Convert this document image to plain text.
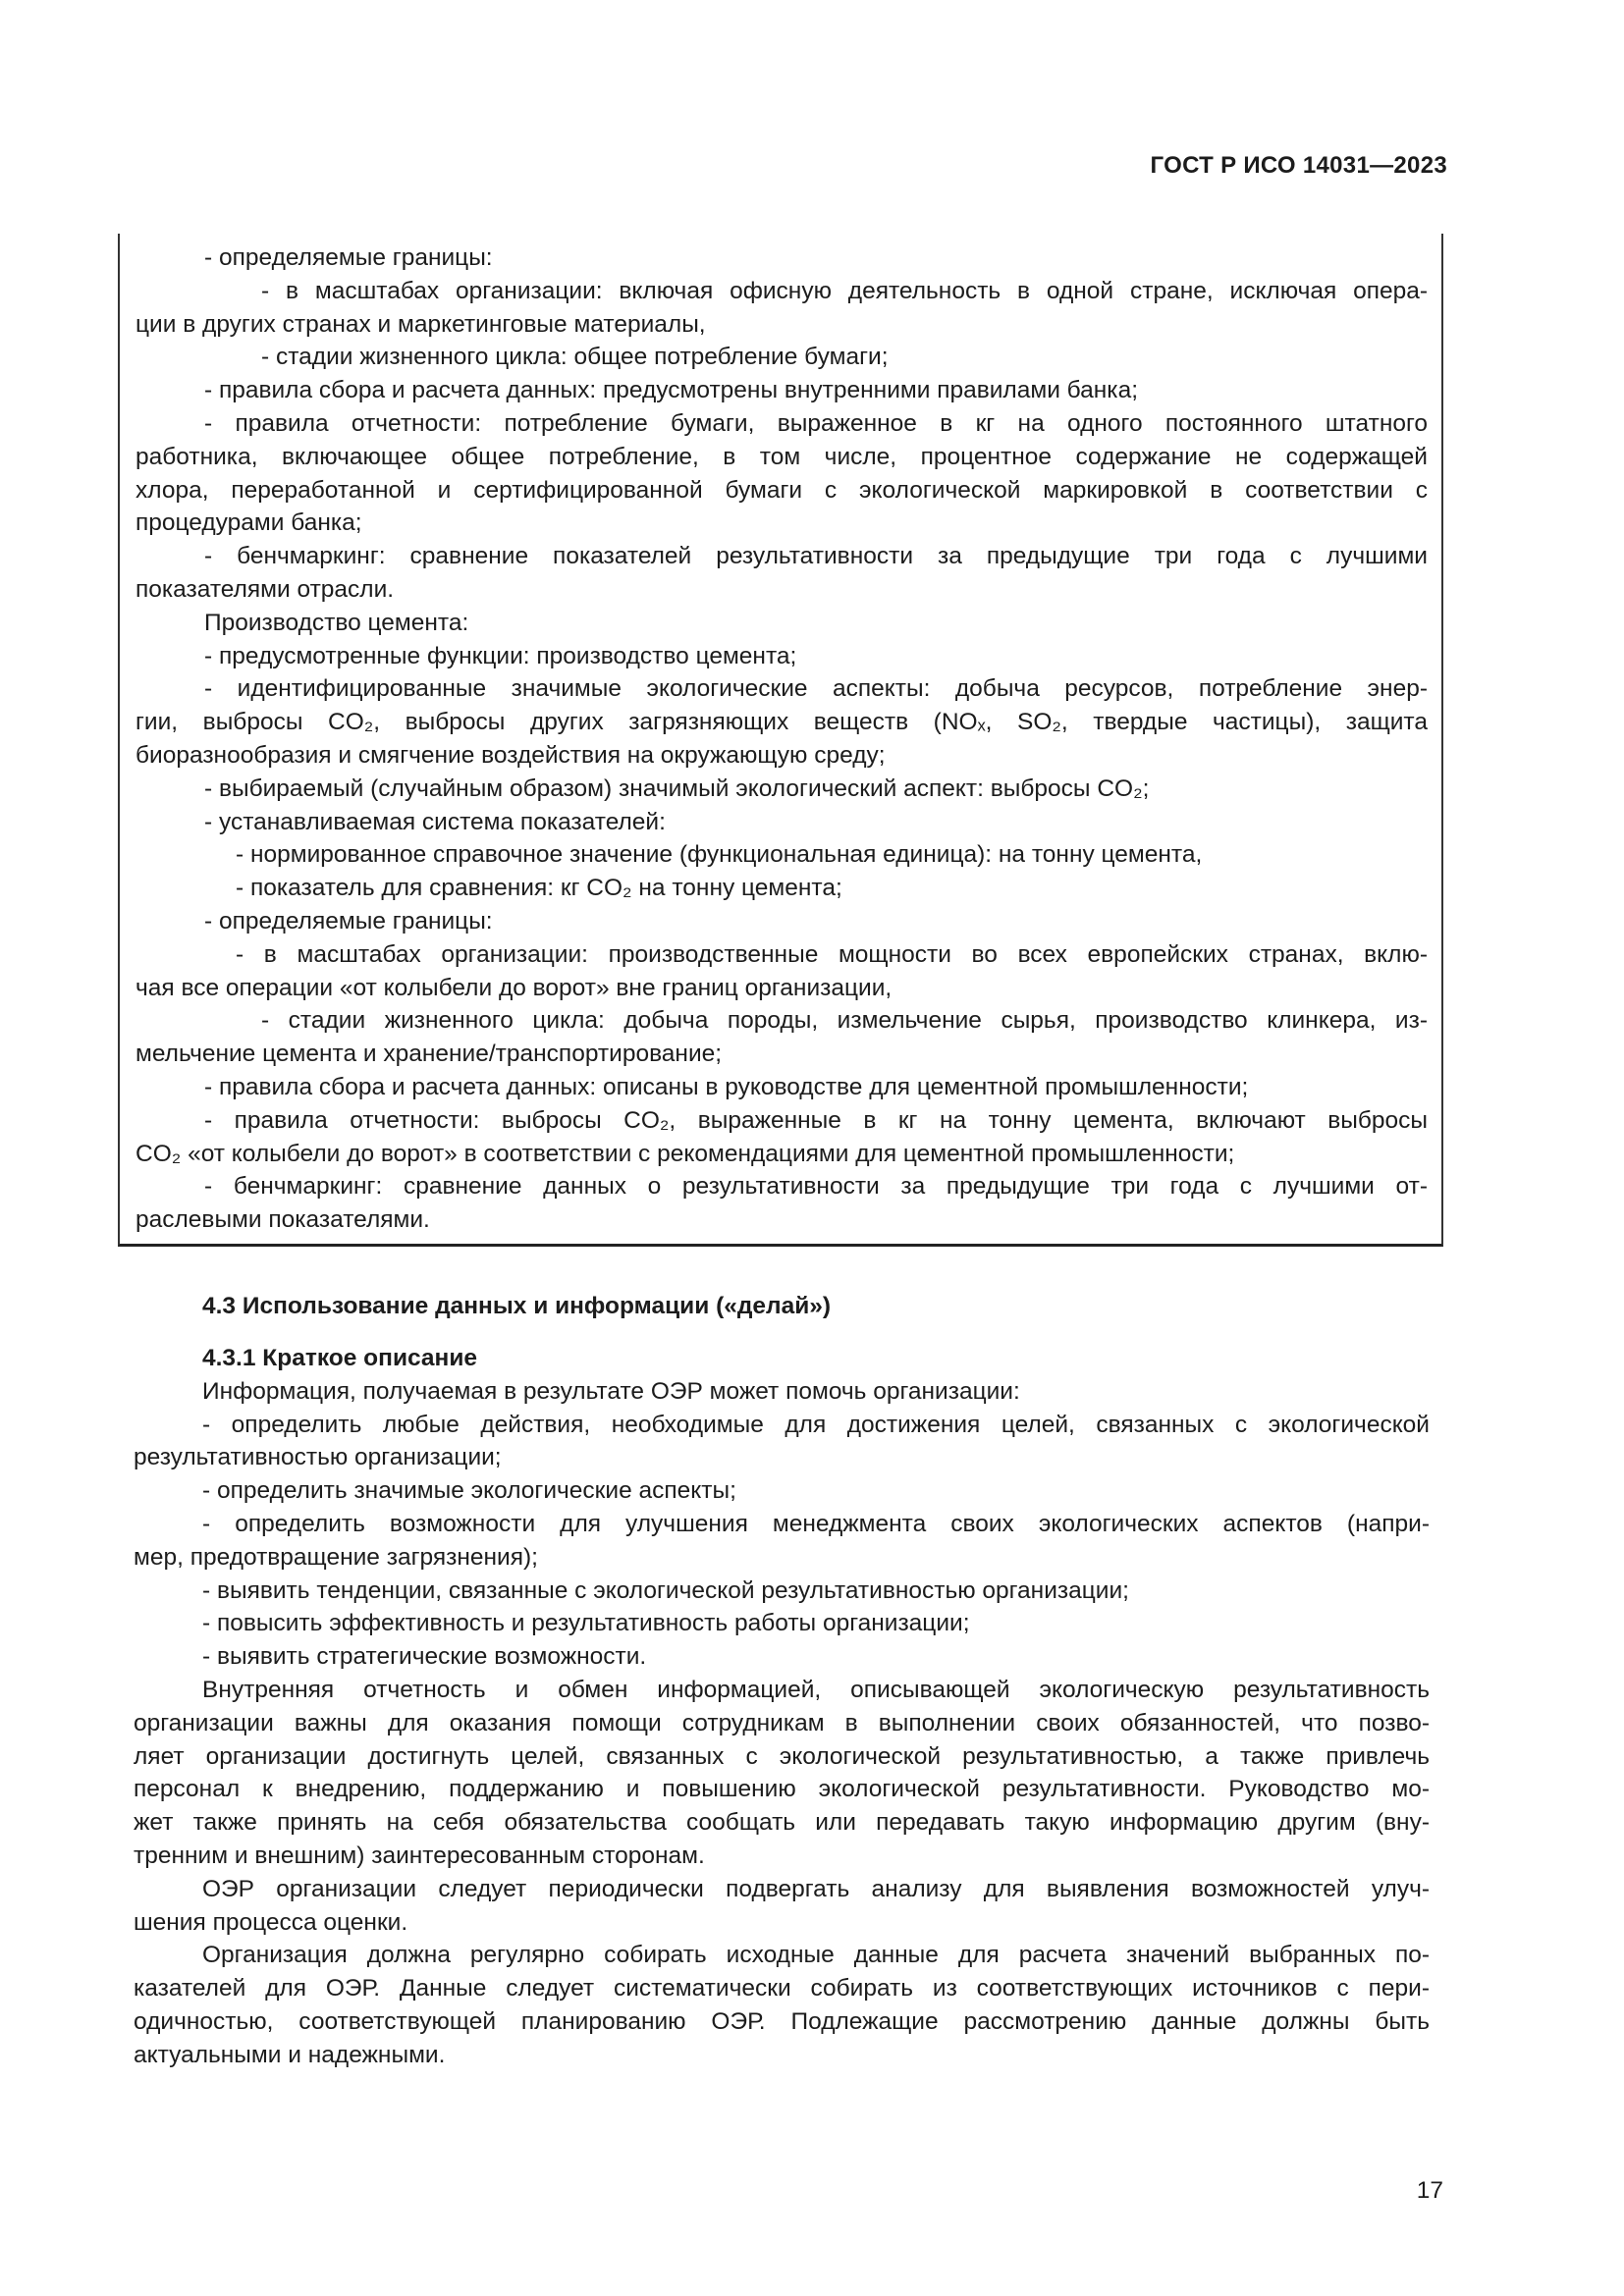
ГОСТ Р ИСО 14031—2023
- определяемые границы:
- в масштабах организации: включая офисную деятельность в одной стране, исключая опера-
ции в других странах и маркетинговые материалы,
- стадии жизненного цикла: общее потребление бумаги;
- правила сбора и расчета данных: предусмотрены внутренними правилами банка;
- правила отчетности: потребление бумаги, выраженное в кг на одного постоянного штатного
работника, включающее общее потребление, в том числе, процентное содержание не содержащей
хлора, переработанной и сертифицированной бумаги с экологической маркировкой в соответствии с
процедурами банка;
- бенчмаркинг: сравнение показателей результативности за предыдущие три года с лучшими
показателями отрасли.
Производство цемента:
- предусмотренные функции: производство цемента;
- идентифицированные значимые экологические аспекты: добыча ресурсов, потребление энер-
гии, выбросы CO₂, выбросы других загрязняющих веществ (NOₓ, SO₂, твердые частицы), защита
биоразнообразия и смягчение воздействия на окружающую среду;
- выбираемый (случайным образом) значимый экологический аспект: выбросы CO₂;
- устанавливаемая система показателей:
- нормированное справочное значение (функциональная единица): на тонну цемента,
- показатель для сравнения: кг CO₂ на тонну цемента;
- определяемые границы:
- в масштабах организации: производственные мощности во всех европейских странах, вклю-
чая все операции «от колыбели до ворот» вне границ организации,
- стадии жизненного цикла: добыча породы, измельчение сырья, производство клинкера, из-
мельчение цемента и хранение/транспортирование;
- правила сбора и расчета данных: описаны в руководстве для цементной промышленности;
- правила отчетности: выбросы CO₂, выраженные в кг на тонну цемента, включают выбросы
CO₂ «от колыбели до ворот» в соответствии с рекомендациями для цементной промышленности;
- бенчмаркинг: сравнение данных о результативности за предыдущие три года с лучшими от-
раслевыми показателями.
4.3 Использование данных и информации («делай»)
4.3.1 Краткое описание
Информация, получаемая в результате ОЭР может помочь организации:
- определить любые действия, необходимые для достижения целей, связанных с экологической
результативностью организации;
- определить значимые экологические аспекты;
- определить возможности для улучшения менеджмента своих экологических аспектов (напри-
мер, предотвращение загрязнения);
- выявить тенденции, связанные с экологической результативностью организации;
- повысить эффективность и результативность работы организации;
- выявить стратегические возможности.
Внутренняя отчетность и обмен информацией, описывающей экологическую результативность
организации важны для оказания помощи сотрудникам в выполнении своих обязанностей, что позво-
ляет организации достигнуть целей, связанных с экологической результативностью, а также привлечь
персонал к внедрению, поддержанию и повышению экологической результативности. Руководство мо-
жет также принять на себя обязательства сообщать или передавать такую информацию другим (вну-
тренним и внешним) заинтересованным сторонам.
ОЭР организации следует периодически подвергать анализу для выявления возможностей улуч-
шения процесса оценки.
Организация должна регулярно собирать исходные данные для расчета значений выбранных по-
казателей для ОЭР. Данные следует систематически собирать из соответствующих источников с пери-
одичностью, соответствующей планированию ОЭР. Подлежащие рассмотрению данные должны быть
актуальными и надежными.
17
